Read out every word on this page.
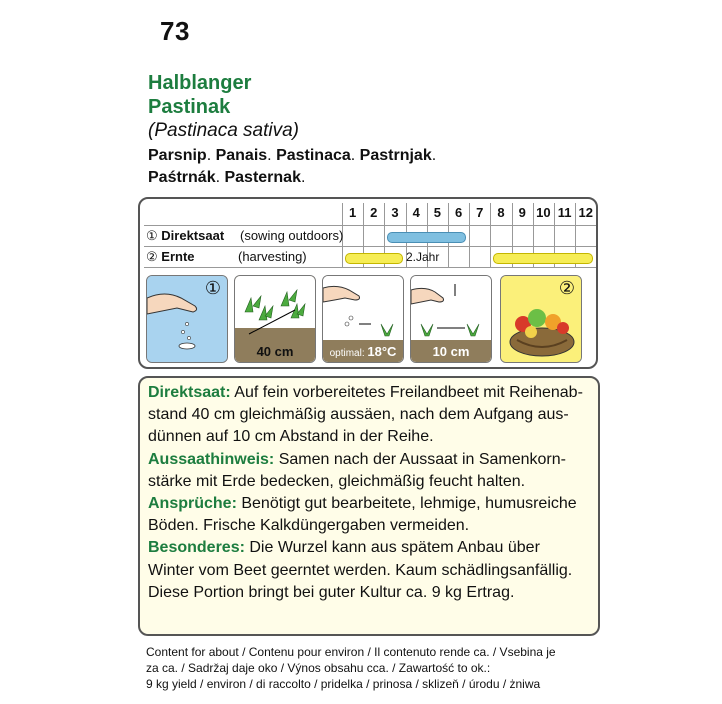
73
Halblanger
Pastinak
(Pastinaca sativa)
Parsnip. Panais. Pastinaca. Pastrnjak.
Paśtrnák. Pasternak.
1	2	3	4	5	6	7	8	9 10 11 12
① Direktsaat (sowing outdoors)
② Ernte	(harvesting)	2.Jahr
①
40 cm	optimal: 18°C	10 cm
②

Direktsaat: Auf fein vorbereitetes Freilandbeet mit Reihenab-

stand 40 cm gleichmäßig aussäen, nach dem Aufgang aus-

dünnen auf 10 cm Abstand in der Reihe.

Aussaathinweis: Samen nach der Aussaat in Samenkorn-

stärke mit Erde bedecken, gleichmäßig feucht halten.

Ansprüche: Benötigt gut bearbeitete, lehmige, humusreiche

Böden. Frische Kalkdüngergaben vermeiden.

Besonderes: Die Wurzel kann aus spätem Anbau über

Winter vom Beet geerntet werden. Kaum schädlingsanfällig.

Diese Portion bringt bei guter Kultur ca. 9 kg Ertrag.

Content for about / Contenu pour environ / Il contenuto rende ca. / Vsebina je
za ca. / Sadržaj daje oko / Výnos obsahu cca. / Zawartość to ok.:
9 kg yield / environ / di raccolto / pridelka / prinosa / sklizeň / úrodu / żniwa
